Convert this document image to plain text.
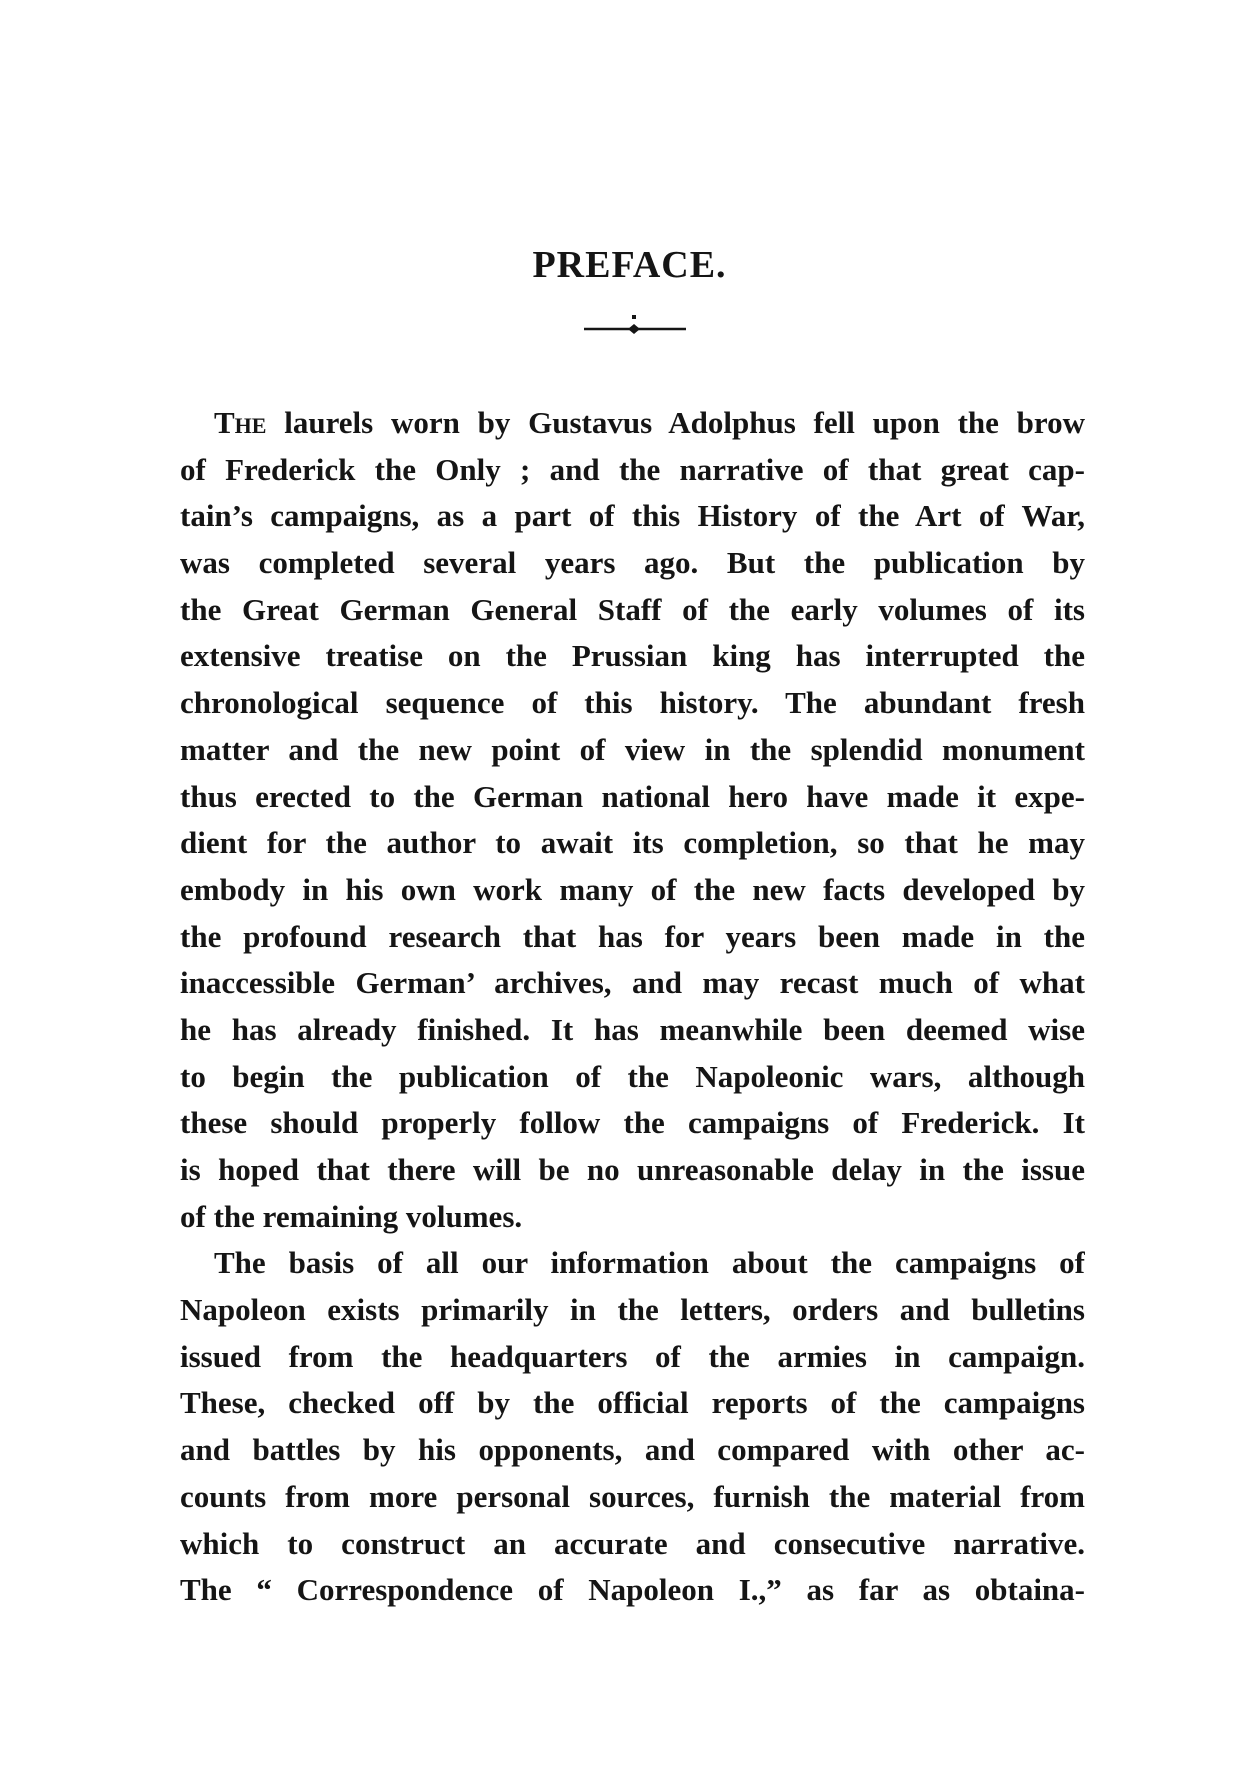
PREFACE.
The laurels worn by Gustavus Adolphus fell upon the brow
of Frederick the Only ; and the narrative of that great cap-
tain’s campaigns, as a part of this History of the Art of War,
was completed several years ago. But the publication by
the Great German General Staff of the early volumes of its
extensive treatise on the Prussian king has interrupted the
chronological sequence of this history. The abundant fresh
matter and the new point of view in the splendid monument
thus erected to the German national hero have made it expe-
dient for the author to await its completion, so that he may
embody in his own work many of the new facts developed by
the profound research that has for years been made in the
inaccessible German’ archives, and may recast much of what
he has already finished. It has meanwhile been deemed wise
to begin the publication of the Napoleonic wars, although
these should properly follow the campaigns of Frederick. It
is hoped that there will be no unreasonable delay in the issue
of the remaining volumes.
The basis of all our information about the campaigns of
Napoleon exists primarily in the letters, orders and bulletins
issued from the headquarters of the armies in campaign.
These, checked off by the official reports of the campaigns
and battles by his opponents, and compared with other ac-
counts from more personal sources, furnish the material from
which to construct an accurate and consecutive narrative.
The “ Correspondence of Napoleon I.,” as far as obtaina-
